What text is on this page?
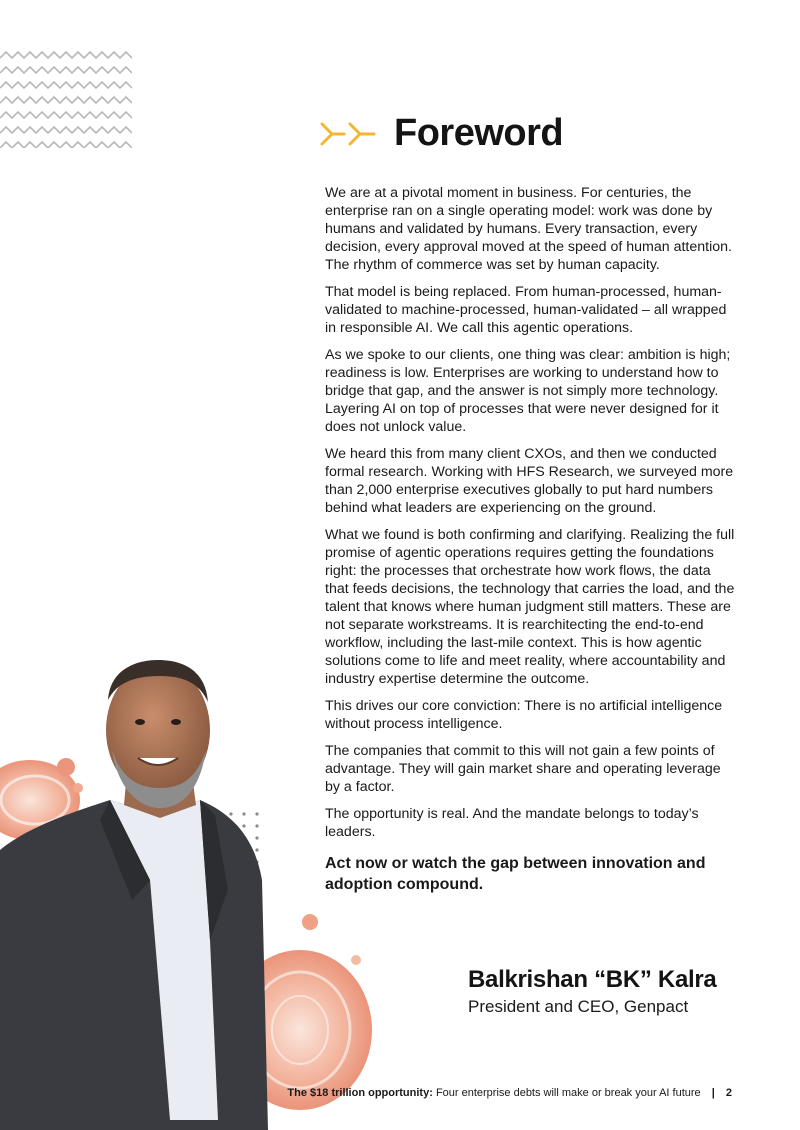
Foreword

We are at a pivotal moment in business. For centuries, the enterprise ran on a single operating model: work was done by humans and validated by humans. Every transaction, every decision, every approval moved at the speed of human attention. The rhythm of commerce was set by human capacity.

That model is being replaced. From human-processed, human-validated to machine-processed, human-validated – all wrapped in responsible AI. We call this agentic operations.

As we spoke to our clients, one thing was clear: ambition is high; readiness is low. Enterprises are working to understand how to bridge that gap, and the answer is not simply more technology. Layering AI on top of processes that were never designed for it does not unlock value.

We heard this from many client CXOs, and then we conducted formal research. Working with HFS Research, we surveyed more than 2,000 enterprise executives globally to put hard numbers behind what leaders are experiencing on the ground.

What we found is both confirming and clarifying. Realizing the full promise of agentic operations requires getting the foundations right: the processes that orchestrate how work flows, the data that feeds decisions, the technology that carries the load, and the talent that knows where human judgment still matters. These are not separate workstreams. It is rearchitecting the end-to-end workflow, including the last-mile context. This is how agentic solutions come to life and meet reality, where accountability and industry expertise determine the outcome.

This drives our core conviction: There is no artificial intelligence without process intelligence.

The companies that commit to this will not gain a few points of advantage. They will gain market share and operating leverage by a factor.

The opportunity is real. And the mandate belongs to today’s leaders.

Act now or watch the gap between innovation and adoption compound.

Balkrishan “BK” Kalra
President and CEO, Genpact
The $18 trillion opportunity: Four enterprise debts will make or break your AI future | 2
